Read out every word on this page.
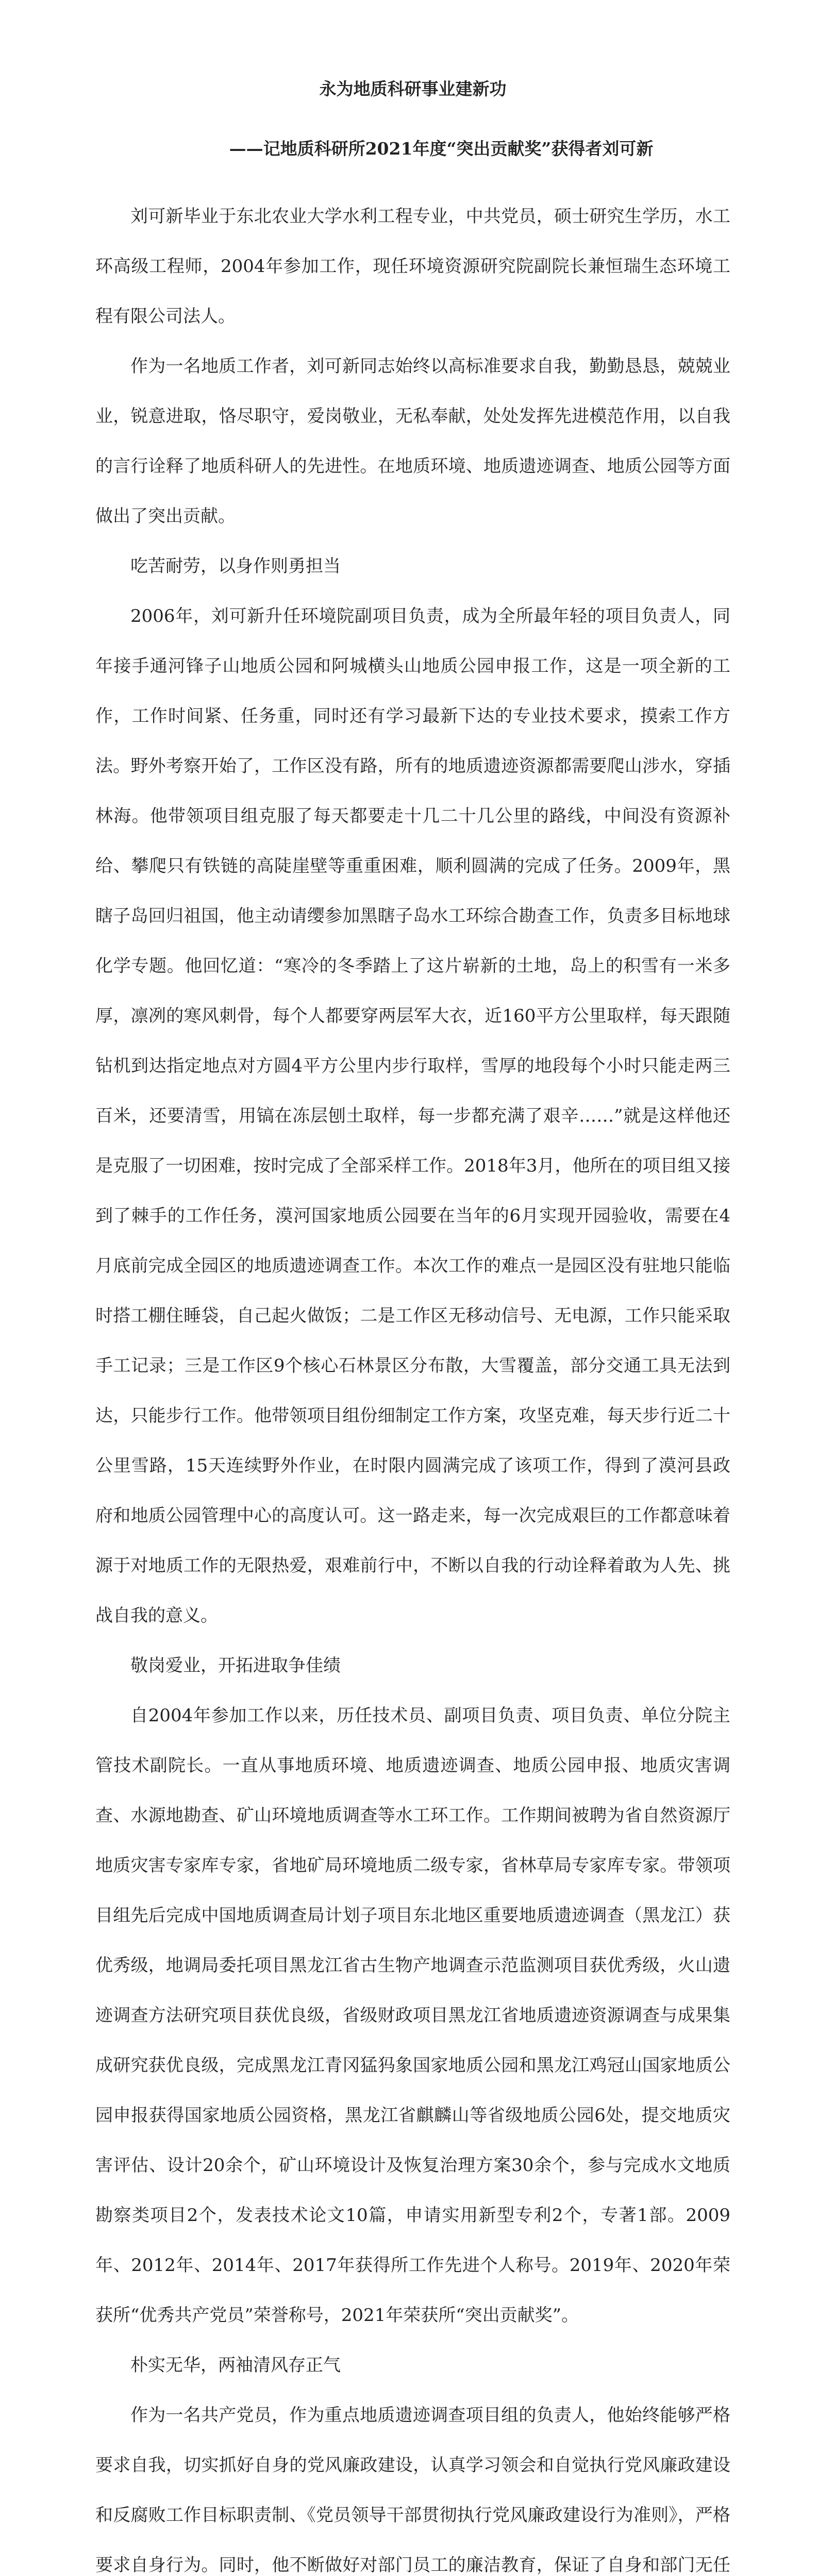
永为地质科研事业建新功
——记地质科研所2021年度“突出贡献奖”获得者刘可新

刘可新毕业于东北农业大学水利工程专业，中共党员，硕士研究生学历，水工环高级工程师，2004年参加工作，现任环境资源研究院副院长兼恒瑞生态环境工程有限公司法人。

作为一名地质工作者，刘可新同志始终以高标准要求自我，勤勤恳恳，兢兢业业，锐意进取，恪尽职守，爱岗敬业，无私奉献，处处发挥先进模范作用，以自我的言行诠释了地质科研人的先进性。在地质环境、地质遗迹调查、地质公园等方面做出了突出贡献。

吃苦耐劳，以身作则勇担当

2006年，刘可新升任环境院副项目负责，成为全所最年轻的项目负责人，同年接手通河锋子山地质公园和阿城横头山地质公园申报工作，这是一项全新的工作，工作时间紧、任务重，同时还有学习最新下达的专业技术要求，摸索工作方法。野外考察开始了，工作区没有路，所有的地质遗迹资源都需要爬山涉水，穿插林海。他带领项目组克服了每天都要走十几二十几公里的路线，中间没有资源补给、攀爬只有铁链的高陡崖壁等重重困难，顺利圆满的完成了任务。2009年，黑瞎子岛回归祖国，他主动请缨参加黑瞎子岛水工环综合勘查工作，负责多目标地球化学专题。他回忆道：“寒冷的冬季踏上了这片崭新的土地，岛上的积雪有一米多厚，凛冽的寒风刺骨，每个人都要穿两层军大衣，近160平方公里取样，每天跟随钻机到达指定地点对方圆4平方公里内步行取样，雪厚的地段每个小时只能走两三百米，还要清雪，用镐在冻层刨土取样，每一步都充满了艰辛……”就是这样他还是克服了一切困难，按时完成了全部采样工作。2018年3月，他所在的项目组又接到了棘手的工作任务，漠河国家地质公园要在当年的6月实现开园验收，需要在4月底前完成全园区的地质遗迹调查工作。本次工作的难点一是园区没有驻地只能临时搭工棚住睡袋，自己起火做饭；二是工作区无移动信号、无电源，工作只能采取手工记录；三是工作区9个核心石林景区分布散，大雪覆盖，部分交通工具无法到达，只能步行工作。他带领项目组份细制定工作方案，攻坚克难，每天步行近二十公里雪路，15天连续野外作业，在时限内圆满完成了该项工作，得到了漠河县政府和地质公园管理中心的高度认可。这一路走来，每一次完成艰巨的工作都意味着源于对地质工作的无限热爱，艰难前行中，不断以自我的行动诠释着敢为人先、挑战自我的意义。

敬岗爱业，开拓进取争佳绩

自2004年参加工作以来，历任技术员、副项目负责、项目负责、单位分院主管技术副院长。一直从事地质环境、地质遗迹调查、地质公园申报、地质灾害调查、水源地勘查、矿山环境地质调查等水工环工作。工作期间被聘为省自然资源厅地质灾害专家库专家，省地矿局环境地质二级专家，省林草局专家库专家。带领项目组先后完成中国地质调查局计划子项目东北地区重要地质遗迹调查（黑龙江）获优秀级，地调局委托项目黑龙江省古生物产地调查示范监测项目获优秀级，火山遗迹调查方法研究项目获优良级，省级财政项目黑龙江省地质遗迹资源调查与成果集成研究获优良级，完成黑龙江青冈猛犸象国家地质公园和黑龙江鸡冠山国家地质公园申报获得国家地质公园资格，黑龙江省麒麟山等省级地质公园6处，提交地质灾害评估、设计20余个，矿山环境设计及恢复治理方案30余个，参与完成水文地质勘察类项目2个，发表技术论文10篇，申请实用新型专利2个，专著1部。2009年、2012年、2014年、2017年获得所工作先进个人称号。2019年、2020年荣获所“优秀共产党员”荣誉称号，2021年荣获所“突出贡献奖”。

朴实无华，两袖清风存正气

作为一名共产党员，作为重点地质遗迹调查项目组的负责人，他始终能够严格要求自我，切实抓好自身的党风廉政建设，认真学习领会和自觉执行党风廉政建设和反腐败工作目标职责制、《党员领导干部贯彻执行党风廉政建设行为准则》，严格要求自身行为。同时，他不断做好对部门员工的廉洁教育，保证了自身和部门无任
